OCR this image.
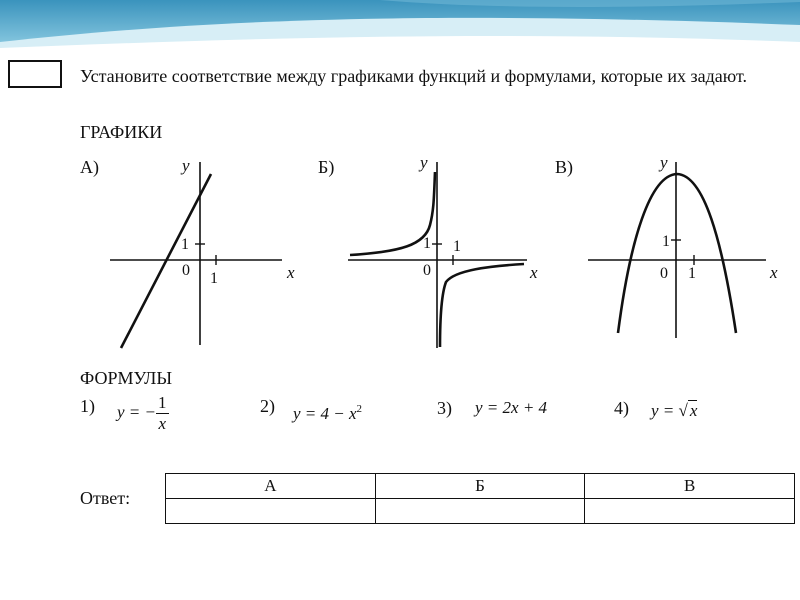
Установите соответствие между графиками функций и формулами, которые их задают.

ГРАФИКИ

А)	y
x
1
0 1
Б)	y
x
1 1
0
В)	y
x
1
0 1

ФОРМУЛЫ

1) y = − $\frac{1}{x}$	2) $y = 4 - x^2$	3) y = 2x + 4	4) y = √ x
Ответ:
А	Б	В
